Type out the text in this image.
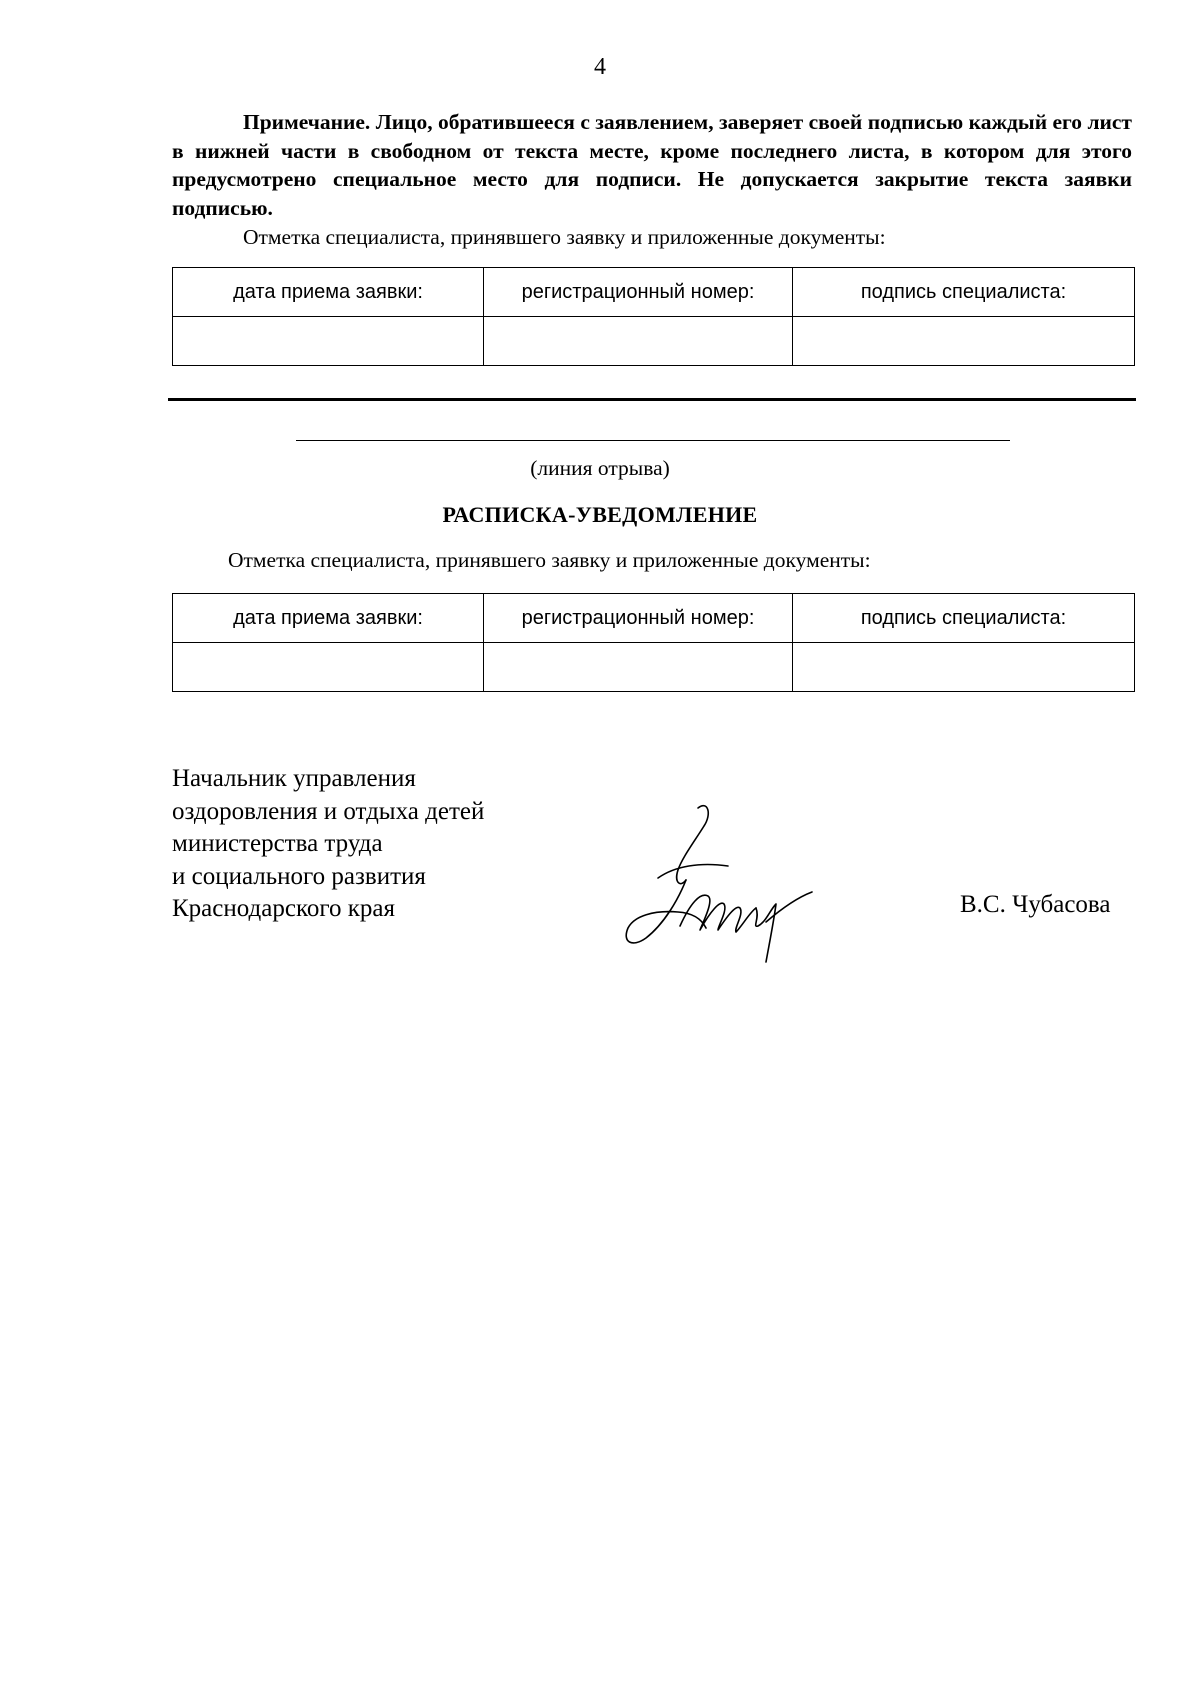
4

Примечание. Лицо, обратившееся с заявлением, заверяет своей подписью каждый его лист в нижней части в свободном от текста месте, кроме последнего листа, в котором для этого предусмотрено специальное место для подписи. Не допускается закрытие текста заявки подписью.

Отметка специалиста, принявшего заявку и приложенные документы:
дата приема заявки:	регистрационный номер:	подпись специалиста:

(линия отрыва)
РАСПИСКА-УВЕДОМЛЕНИЕ
Отметка специалиста, принявшего заявку и приложенные документы:
дата приема заявки:	регистрационный номер:	подпись специалиста:

Начальник управления
оздоровления и отдыха детей
министерства труда
и социального развития
Краснодарского края	В.С. Чубасова
